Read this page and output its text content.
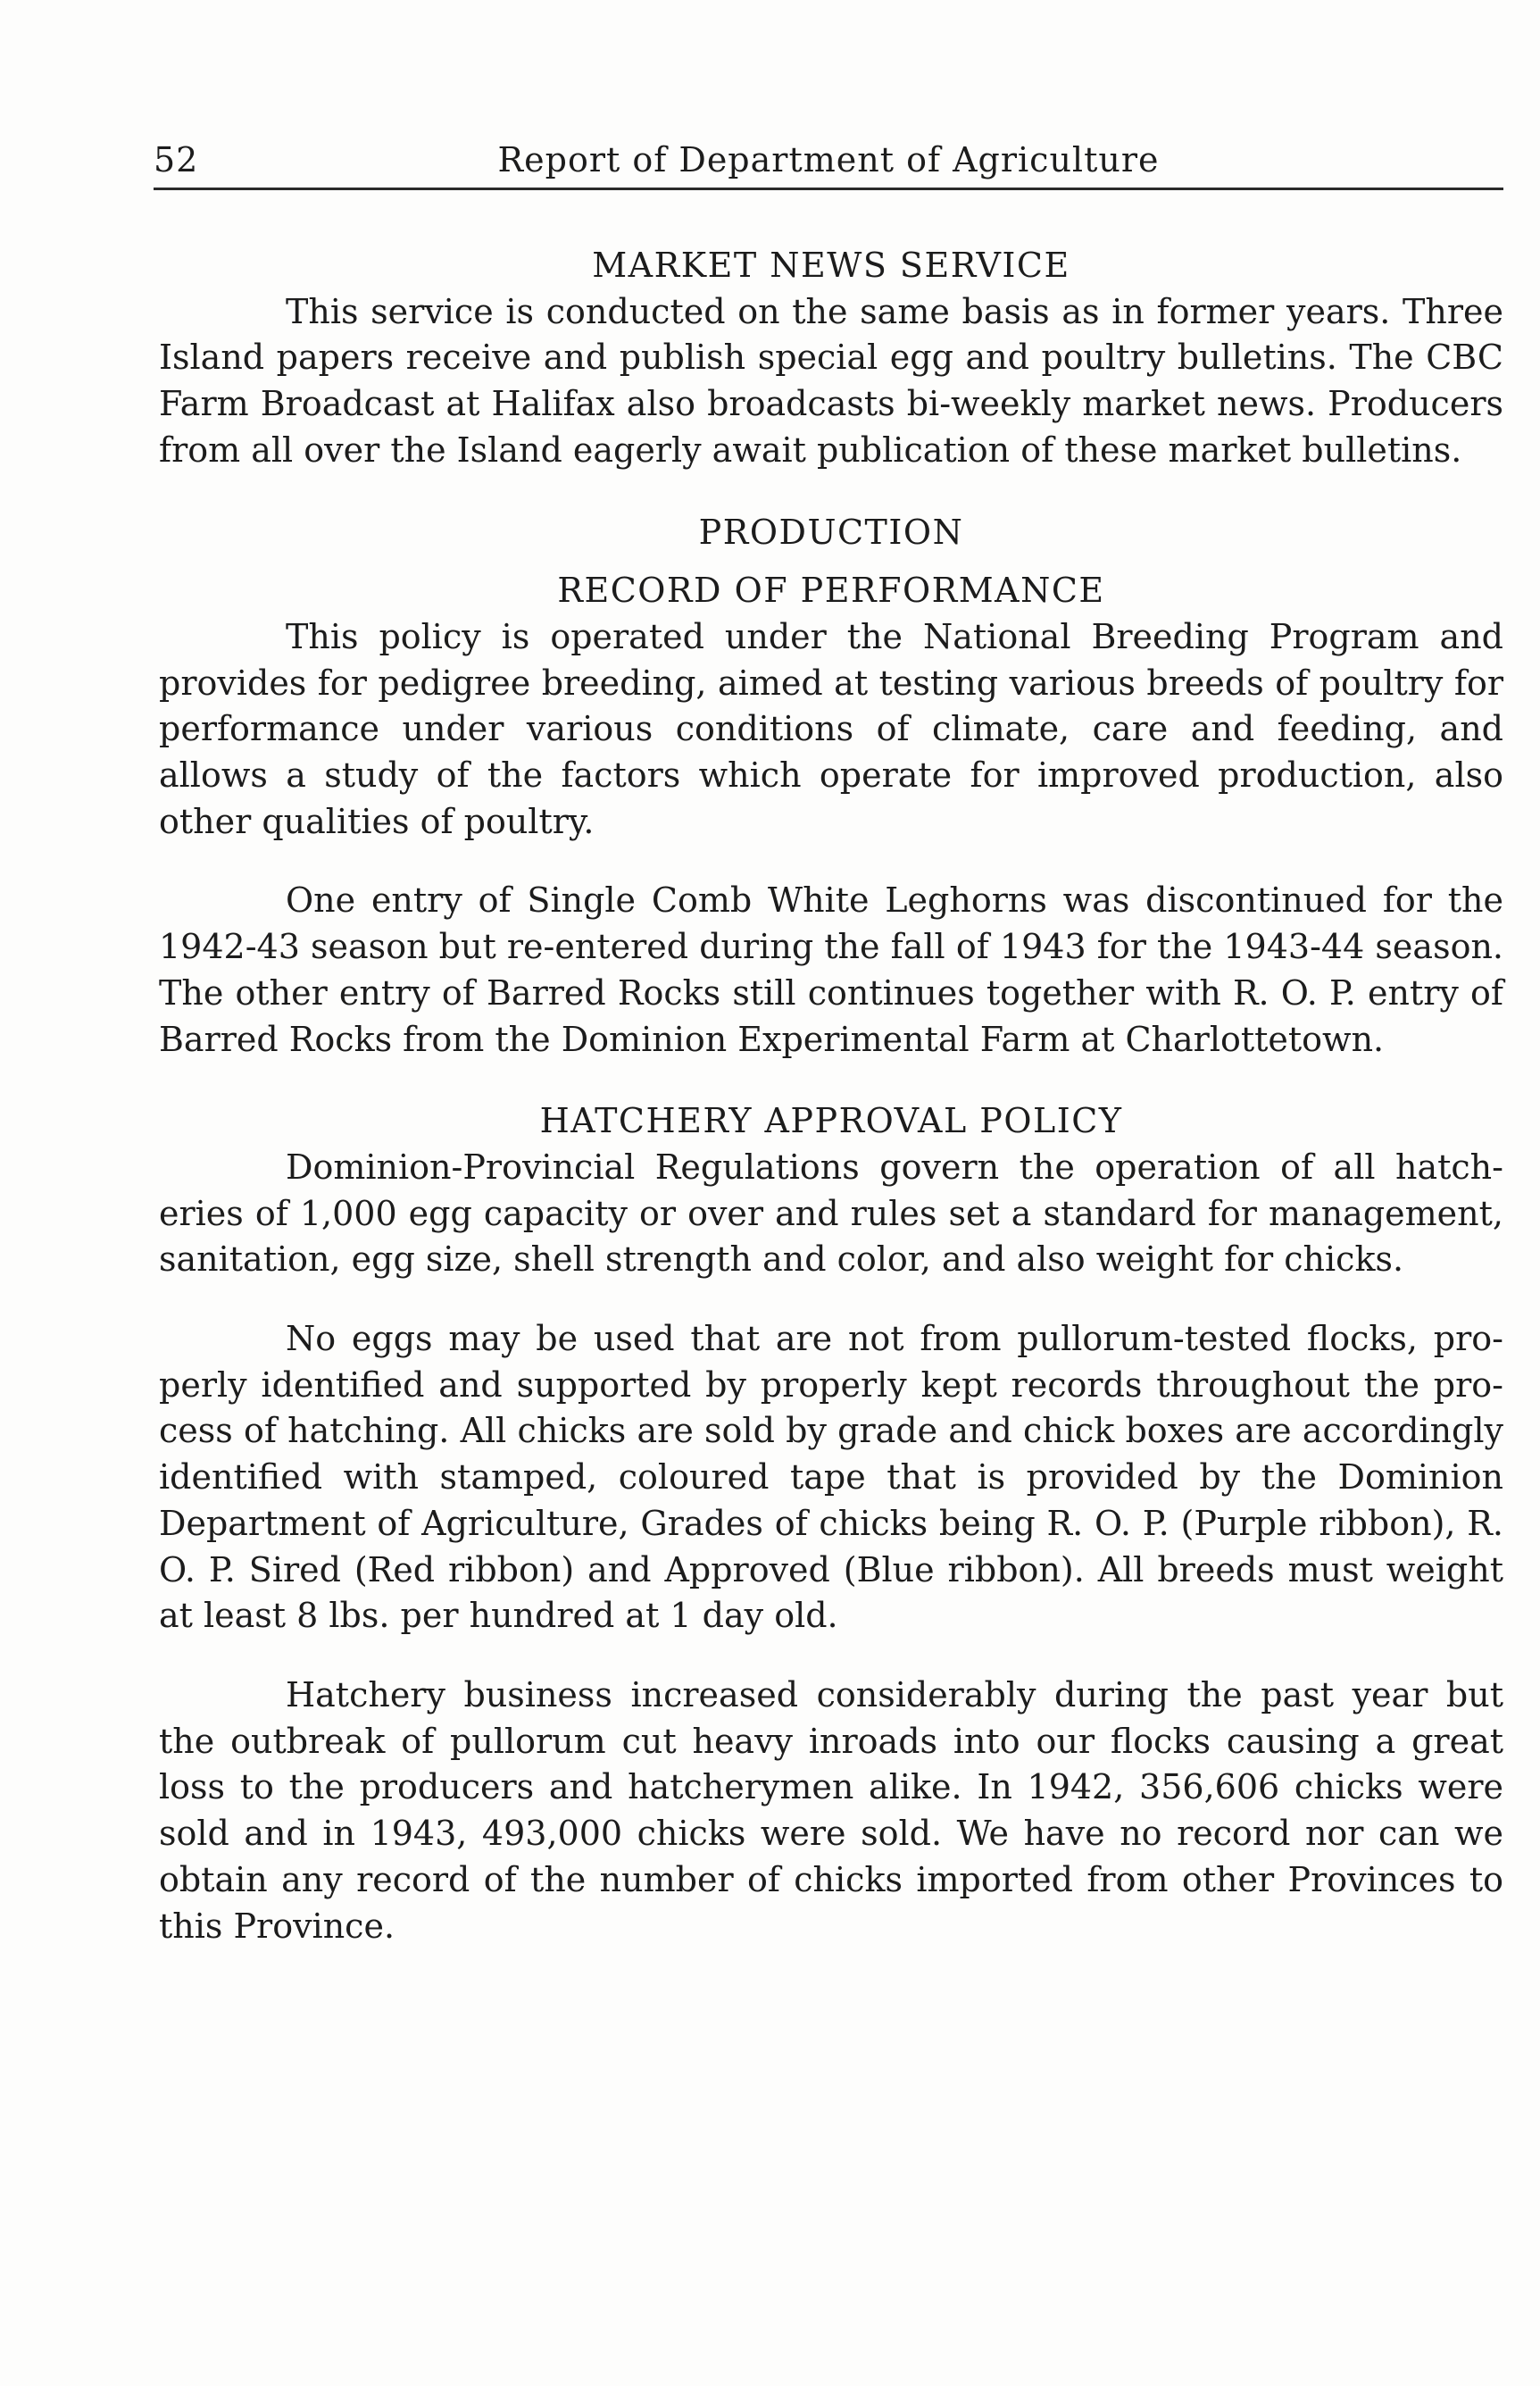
52	Report of Department of Agriculture
MARKET NEWS SERVICE

This service is conducted on the same basis as in former years. Three Island papers receive and publish special egg and poultry bulletins. The CBC Farm Broadcast at Halifax also broadcasts bi-weekly market news. Producers from all over the Island eagerly await publication of these market bulletins.

PRODUCTION
RECORD OF PERFORMANCE

This policy is operated under the National Breeding Program and provides for pedigree breeding, aimed at testing various breeds of poultry for performance under various conditions of climate, care and feeding, and allows a study of the factors which operate for improved production, also other qualities of poultry.

One entry of Single Comb White Leghorns was discontinued for the 1942-43 season but re-entered during the fall of 1943 for the 1943-44 season. The other entry of Barred Rocks still continues together with R. O. P. entry of Barred Rocks from the Dominion Experimental Farm at Charlottetown.

HATCHERY APPROVAL POLICY

Dominion-Provincial Regulations govern the operation of all hatcheries of 1,000 egg capacity or over and rules set a standard for management, sanitation, egg size, shell strength and color, and also weight for chicks.

No eggs may be used that are not from pullorum-tested flocks, properly identified and supported by properly kept records throughout the process of hatching. All chicks are sold by grade and chick boxes are accordingly identified with stamped, coloured tape that is provided by the Dominion Department of Agriculture, Grades of chicks being R. O. P. (Purple ribbon), R. O. P. Sired (Red ribbon) and Approved (Blue ribbon). All breeds must weight at least 8 lbs. per hundred at 1 day old.

Hatchery business increased considerably during the past year but the outbreak of pullorum cut heavy inroads into our flocks causing a great loss to the producers and hatcherymen alike. In 1942, 356,606 chicks were sold and in 1943, 493,000 chicks were sold. We have no record nor can we obtain any record of the number of chicks imported from other Provinces to this Province.
